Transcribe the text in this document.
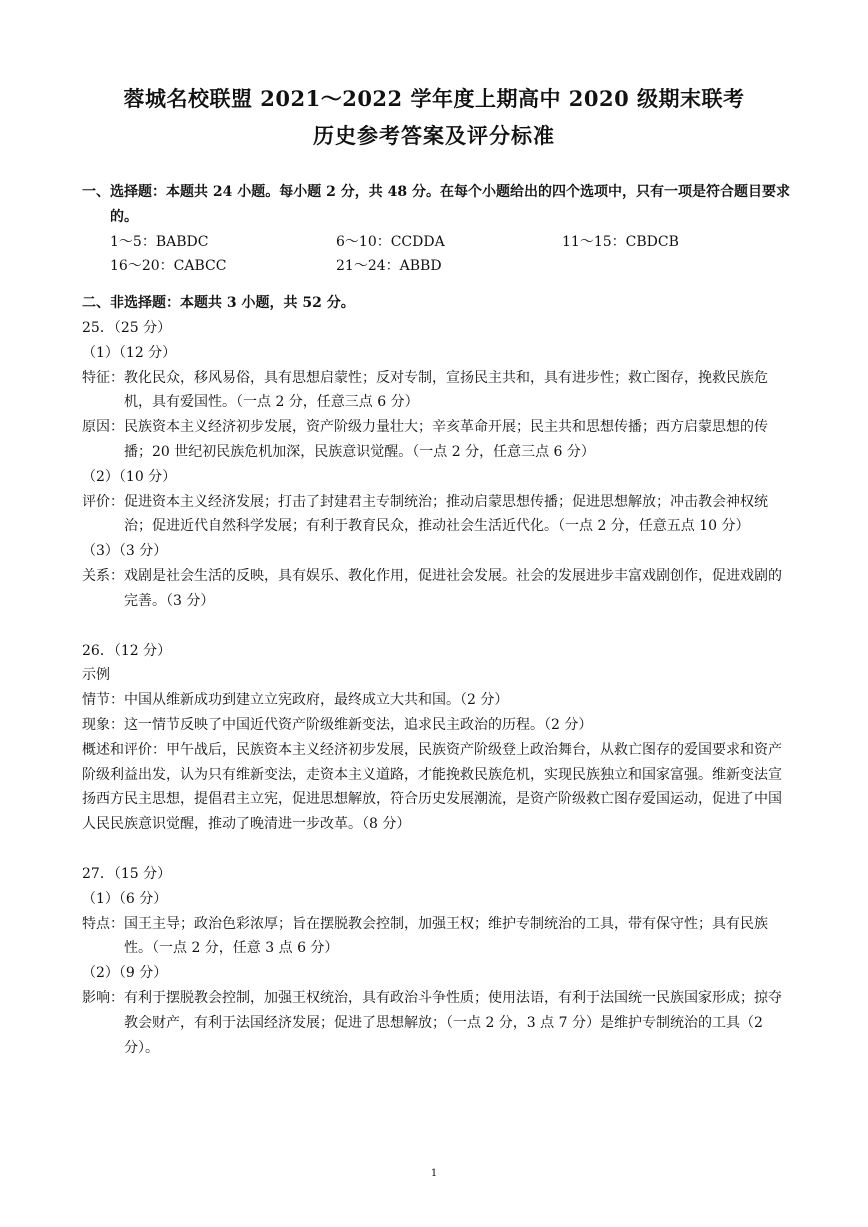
蓉城名校联盟 2021～2022 学年度上期高中 2020 级期末联考
历史参考答案及评分标准

一、选择题：本题共 24 小题。每小题 2 分，共 48 分。在每个小题给出的四个选项中，只有一项是符合题目要求的。

1～5：BABDC	6～10：CCDDA	11～15：CBDCB
16～20：CABCC	21～24：ABBD

二、非选择题：本题共 3 小题，共 52 分。

25．（25 分）

（1）（12 分）

特征：教化民众，移风易俗，具有思想启蒙性；反对专制，宣扬民主共和，具有进步性；救亡图存，挽救民族危机，具有爱国性。（一点 2 分，任意三点 6 分）

原因：民族资本主义经济初步发展，资产阶级力量壮大；辛亥革命开展；民主共和思想传播；西方启蒙思想的传播；20 世纪初民族危机加深，民族意识觉醒。（一点 2 分，任意三点 6 分）

（2）（10 分）

评价：促进资本主义经济发展；打击了封建君主专制统治；推动启蒙思想传播；促进思想解放；冲击教会神权统治；促进近代自然科学发展；有利于教育民众，推动社会生活近代化。（一点 2 分，任意五点 10 分）

（3）（3 分）

关系：戏剧是社会生活的反映，具有娱乐、教化作用，促进社会发展。社会的发展进步丰富戏剧创作，促进戏剧的完善。（3 分）

26．（12 分）

示例

情节：中国从维新成功到建立立宪政府，最终成立大共和国。（2 分）

现象：这一情节反映了中国近代资产阶级维新变法，追求民主政治的历程。（2 分）

概述和评价：甲午战后，民族资本主义经济初步发展，民族资产阶级登上政治舞台，从救亡图存的爱国要求和资产阶级利益出发，认为只有维新变法，走资本主义道路，才能挽救民族危机，实现民族独立和国家富强。维新变法宣扬西方民主思想，提倡君主立宪，促进思想解放，符合历史发展潮流，是资产阶级救亡图存爱国运动，促进了中国人民民族意识觉醒，推动了晚清进一步改革。（8 分）

27．（15 分）

（1）（6 分）

特点：国王主导；政治色彩浓厚；旨在摆脱教会控制，加强王权；维护专制统治的工具，带有保守性；具有民族性。（一点 2 分，任意 3 点 6 分）

（2）（9 分）

影响：有利于摆脱教会控制，加强王权统治，具有政治斗争性质；使用法语，有利于法国统一民族国家形成；掠夺教会财产，有利于法国经济发展；促进了思想解放；（一点 2 分，3 点 7 分）是维护专制统治的工具（2 分）。

1
